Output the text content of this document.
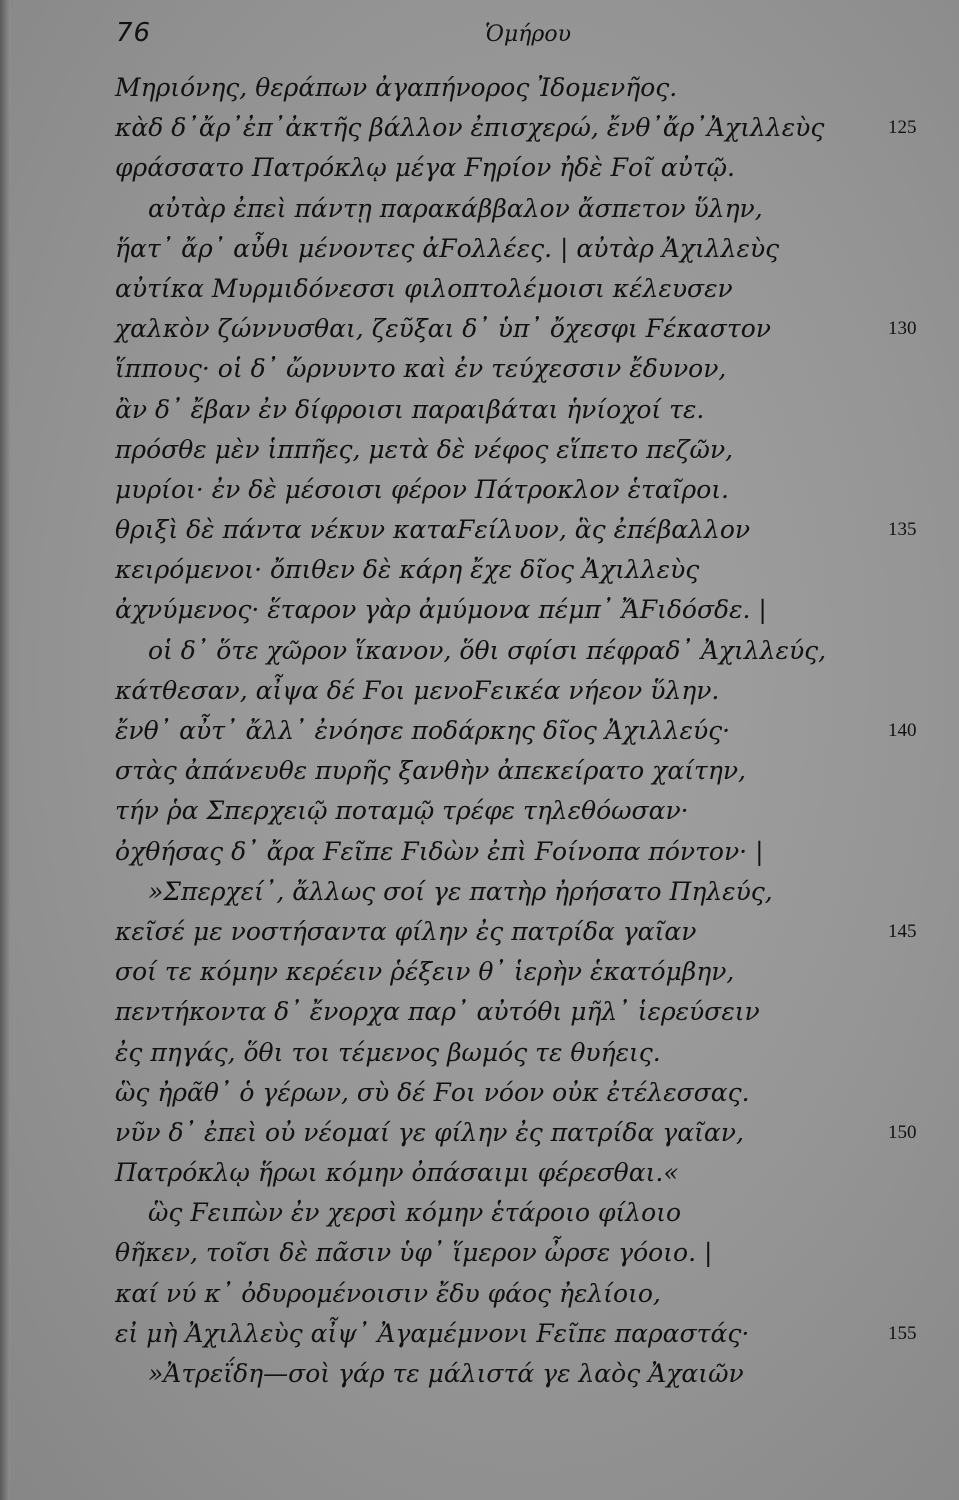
76	Ὁμήρου
Μηριόνης, θεράπων ἀγαπήνορος Ἰδομενῆος.
κὰδ δ᾽ἄρ᾽ἐπ᾽ἀκτῆς βάλλον ἐπισχερώ, ἔνθ᾽ἄρ᾽Ἀχιλλεὺς	125
φράσσατο Πατρόκλῳ μέγα Ϝηρίον ἠδὲ Ϝοῖ αὐτῷ.
αὐτὰρ ἐπεὶ πάντῃ παρακάββαλον ἄσπετον ὕλην,
ἥατ᾽ ἄρ᾽ αὖθι μένοντες ἀϜολλέες. | αὐτὰρ Ἀχιλλεὺς
αὐτίκα Μυρμιδόνεσσι φιλοπτολέμοισι κέλευσεν
χαλκὸν ζώννυσθαι, ζεῦξαι δ᾽ ὑπ᾽ ὄχεσφι Ϝέκαστον	130
ἵππους· οἱ δ᾽ ὤρνυντο καὶ ἐν τεύχεσσιν ἔδυνον,
ἂν δ᾽ ἔβαν ἐν δίφροισι παραιβάται ἡνίοχοί τε.
πρόσθε μὲν ἱππῆες, μετὰ δὲ νέφος εἵπετο πεζῶν,
μυρίοι· ἐν δὲ μέσοισι φέρον Πάτροκλον ἑταῖροι.
θριξὶ δὲ πάντα νέκυν καταϜείλυον, ἃς ἐπέβαλλον	135
κειρόμενοι· ὄπιθεν δὲ κάρη ἔχε δῖος Ἀχιλλεὺς
ἀχνύμενος· ἕταρον γὰρ ἀμύμονα πέμπ᾽ ἌϜιδόσδε. |
οἱ δ᾽ ὅτε χῶρον ἵκανον, ὅθι σφίσι πέφραδ᾽ Ἀχιλλεύς,
κάτθεσαν, αἶψα δέ Ϝοι μενοϜεικέα νήεον ὕλην.
ἔνθ᾽ αὖτ᾽ ἄλλ᾽ ἐνόησε ποδάρκης δῖος Ἀχιλλεύς·	140
στὰς ἀπάνευθε πυρῆς ξανθὴν ἀπεκείρατο χαίτην,
τήν ῥα Σπερχειῷ ποταμῷ τρέφε τηλεθόωσαν·
ὀχθήσας δ᾽ ἄρα Ϝεῖπε Ϝιδὼν ἐπὶ Ϝοίνοπα πόντον· |
»Σπερχεί᾽, ἄλλως σοί γε πατὴρ ἠρήσατο Πηλεύς,
κεῖσέ με νοστήσαντα φίλην ἐς πατρίδα γαῖαν	145
σοί τε κόμην κερέειν ῥέξειν θ᾽ ἱερὴν ἑκατόμβην,
πεντήκοντα δ᾽ ἔνορχα παρ᾽ αὐτόθι μῆλ᾽ ἱερεύσειν
ἐς πηγάς, ὅθι τοι τέμενος βωμός τε θυήεις.
ὣς ἠρᾶθ᾽ ὁ γέρων, σὺ δέ Ϝοι νόον οὐκ ἐτέλεσσας.
νῦν δ᾽ ἐπεὶ οὐ νέομαί γε φίλην ἐς πατρίδα γαῖαν,	150
Πατρόκλῳ ἥρωι κόμην ὀπάσαιμι φέρεσθαι.«
ὣς Ϝειπὼν ἐν χερσὶ κόμην ἑτάροιο φίλοιο
θῆκεν, τοῖσι δὲ πᾶσιν ὑφ᾽ ἵμερον ὦρσε γόοιο. |
καί νύ κ᾽ ὀδυρομένοισιν ἔδυ φάος ἠελίοιο,
εἰ μὴ Ἀχιλλεὺς αἶψ᾽ Ἀγαμέμνονι Ϝεῖπε παραστάς·	155
»Ἀτρεΐδη—σοὶ γάρ τε μάλιστά γε λαὸς Ἀχαιῶν
